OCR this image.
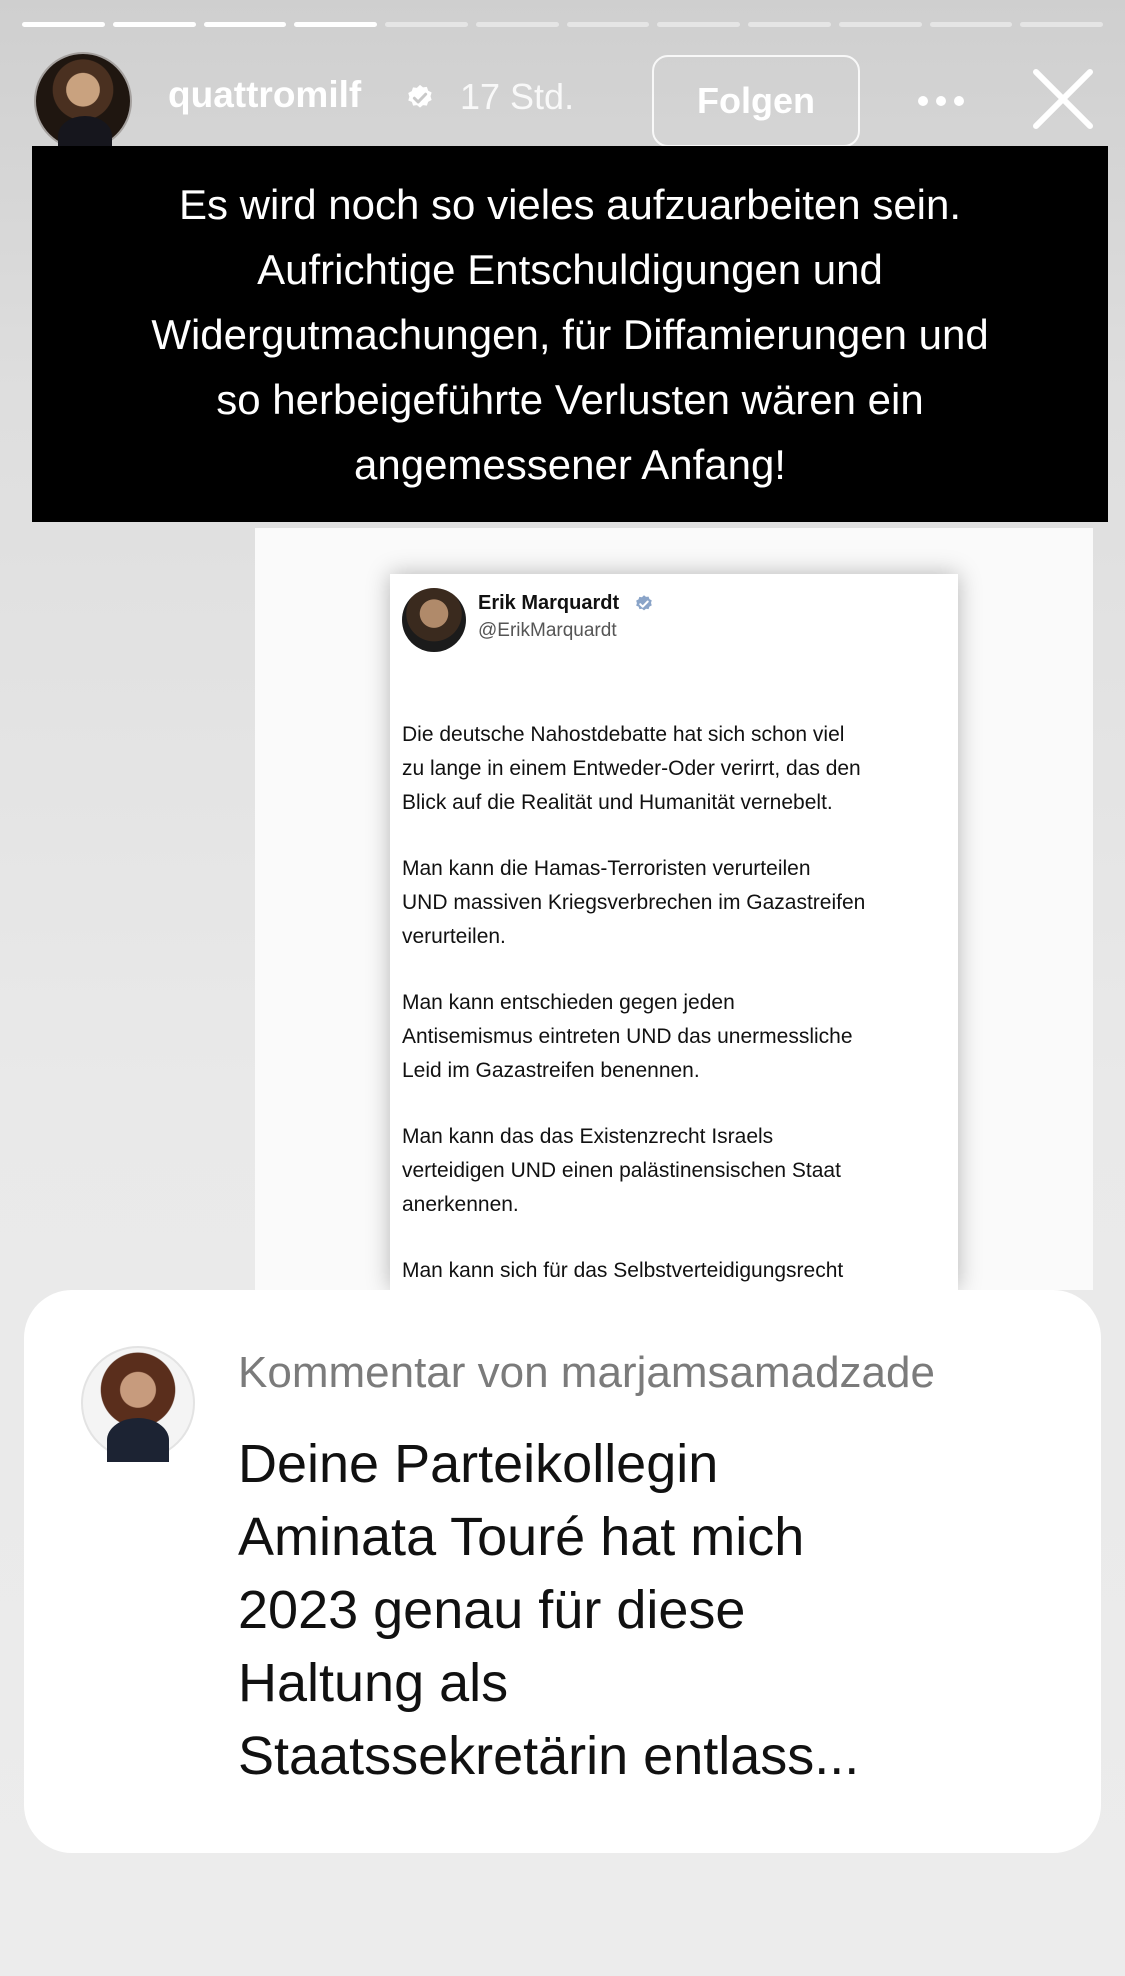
quattromilf	17 Std.	Folgen
Es wird noch so vieles aufzuarbeiten sein.
Aufrichtige Entschuldigungen und
Widergutmachungen, für Diffamierungen und
so herbeigeführte Verlusten wären ein
angemessener Anfang!
Erik Marquardt
@ErikMarquardt

Die deutsche Nahostdebatte hat sich schon viel
zu lange in einem Entweder-Oder verirrt, das den
Blick auf die Realität und Humanität vernebelt.

Man kann die Hamas-Terroristen verurteilen
UND massiven Kriegsverbrechen im Gazastreifen
verurteilen.

Man kann entschieden gegen jeden
Antisemismus eintreten UND das unermessliche
Leid im Gazastreifen benennen.

Man kann das das Existenzrecht Israels
verteidigen UND einen palästinensischen Staat
anerkennen.

Man kann sich für das Selbstverteidigungsrecht

Kommentar von marjamsamadzade
Deine Parteikollegin
Aminata Touré hat mich
2023 genau für diese
Haltung als
Staatssekretärin entlass...
